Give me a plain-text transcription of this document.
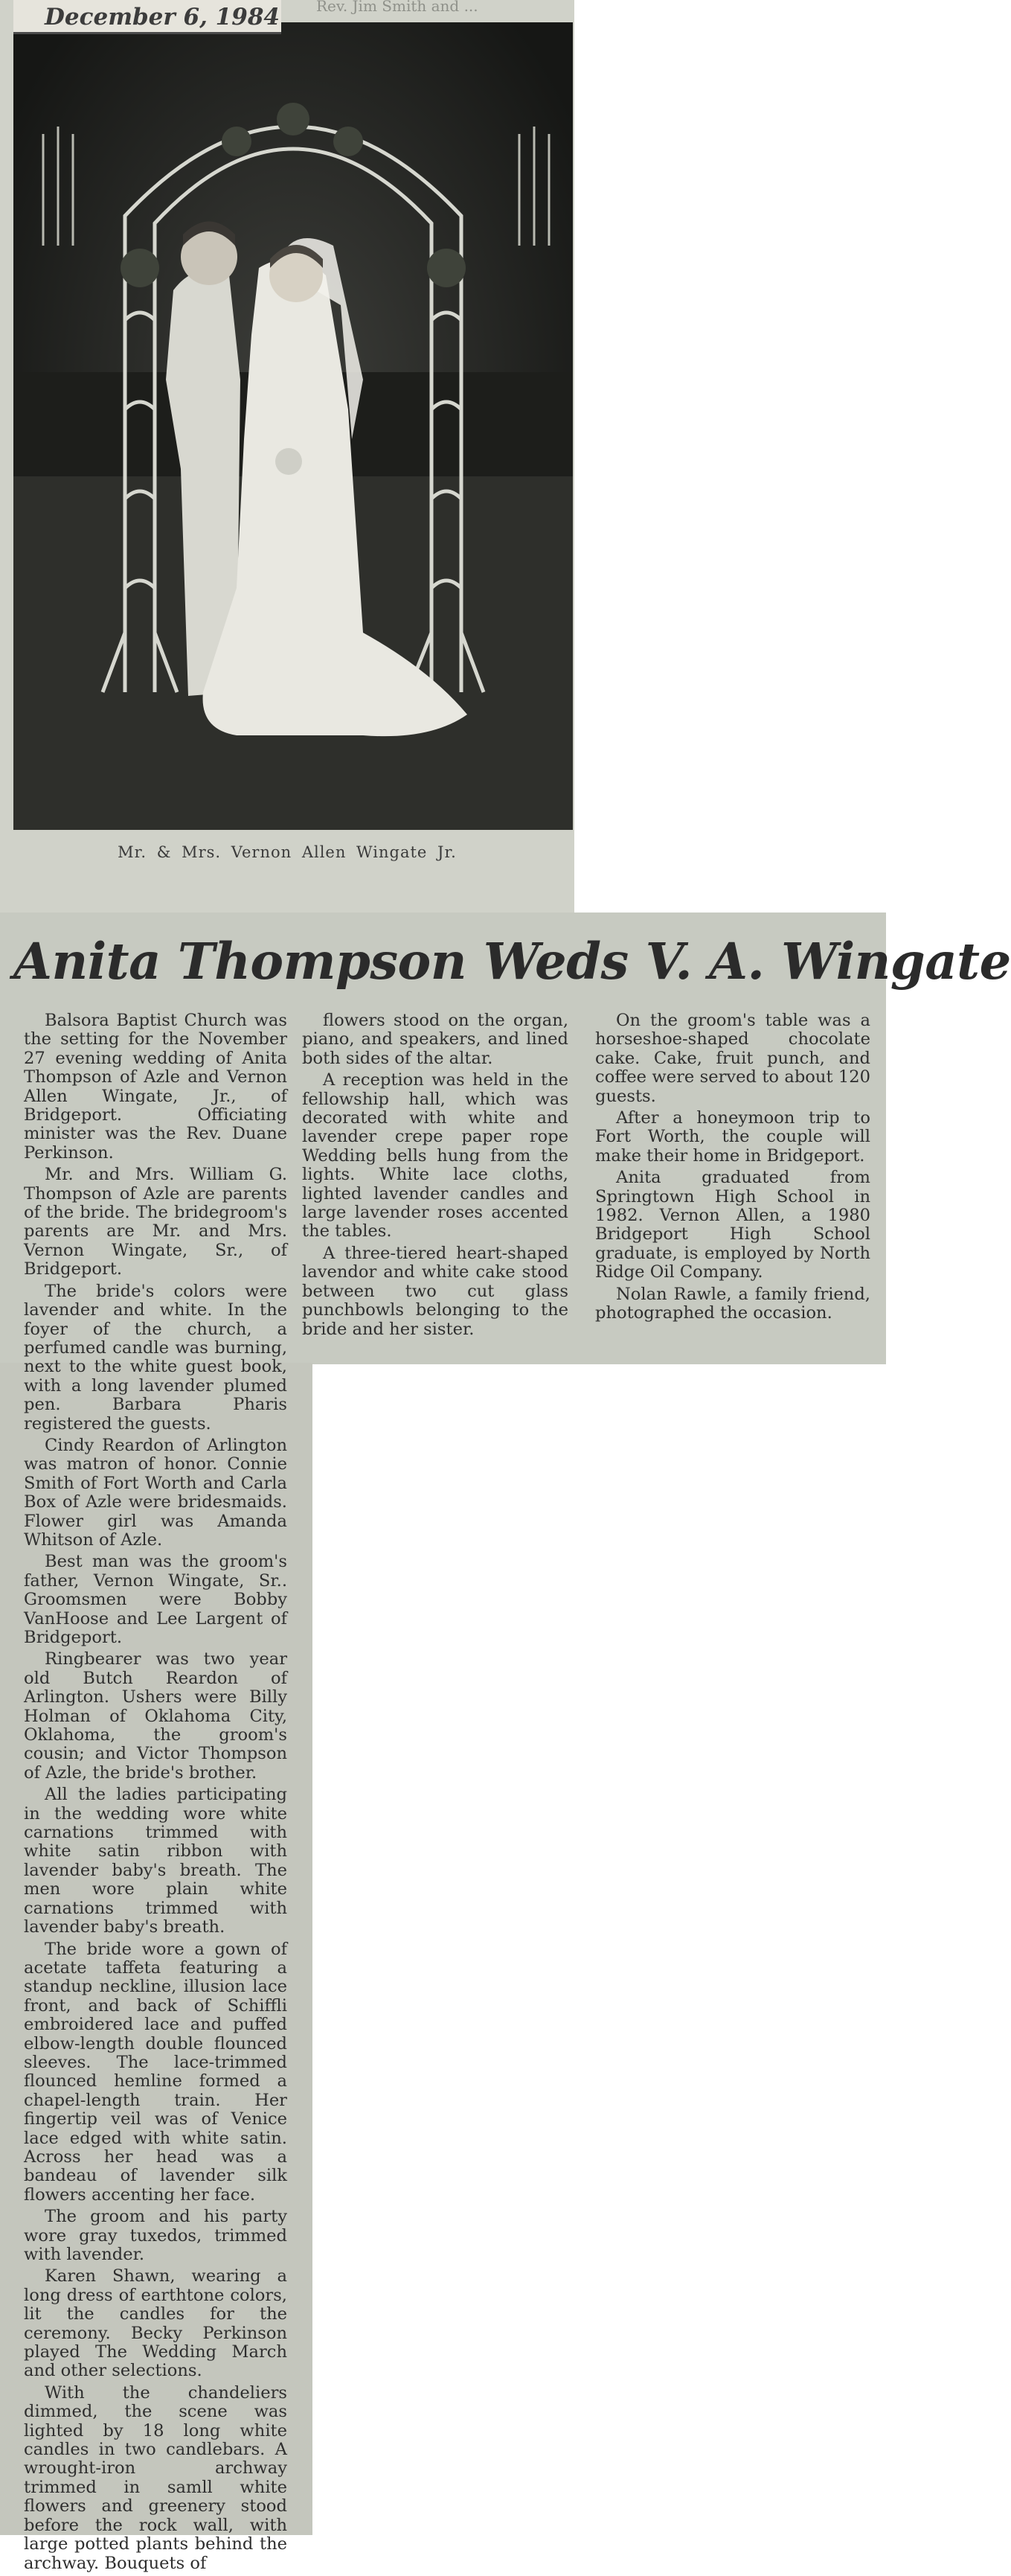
Rev. Jim Smith and ...
Mr. & Mrs. Vernon Allen Wingate Jr.
December 6, 1984
Anita Thompson Weds V. A. Wingate

Balsora Baptist Church was the setting for the November 27 evening wedding of Anita Thompson of Azle and Vernon Allen Wingate, Jr., of Bridgeport. Officiating minister was the Rev. Duane Perkinson.

Mr. and Mrs. William G. Thompson of Azle are parents of the bride. The bridegroom's parents are Mr. and Mrs. Vernon Wingate, Sr., of Bridgeport.

The bride's colors were lavender and white. In the foyer of the church, a perfumed candle was burning, next to the white guest book, with a long lavender plumed pen. Barbara Pharis registered the guests.

Cindy Reardon of Arlington was matron of honor. Connie Smith of Fort Worth and Carla Box of Azle were bridesmaids. Flower girl was Amanda Whitson of Azle.

Best man was the groom's father, Vernon Wingate, Sr.. Groomsmen were Bobby VanHoose and Lee Largent of Bridgeport.

Ringbearer was two year old Butch Reardon of Arlington. Ushers were Billy Holman of Oklahoma City, Oklahoma, the groom's cousin; and Victor Thompson of Azle, the bride's brother.

All the ladies participating in the wedding wore white carnations trimmed with white satin ribbon with lavender baby's breath. The men wore plain white carnations trimmed with lavender baby's breath.

The bride wore a gown of acetate taffeta featuring a standup neckline, illusion lace front, and back of Schiffli embroidered lace and puffed elbow-length double flounced sleeves. The lace-trimmed flounced hemline formed a chapel-length train. Her fingertip veil was of Venice lace edged with white satin. Across her head was a bandeau of lavender silk flowers accenting her face.

The groom and his party wore gray tuxedos, trimmed with lavender.

Karen Shawn, wearing a long dress of earthtone colors, lit the candles for the ceremony. Becky Perkinson played The Wedding March and other selections.

With the chandeliers dimmed, the scene was lighted by 18 long white candles in two candlebars. A wrought-iron archway trimmed in samll white flowers and greenery stood before the rock wall, with large potted plants behind the archway. Bouquets of

flowers stood on the organ, piano, and speakers, and lined both sides of the altar.

A reception was held in the fellowship hall, which was decorated with white and lavender crepe paper rope Wedding bells hung from the lights. White lace cloths, lighted lavender candles and large lavender roses accented the tables.

A three-tiered heart-shaped lavendor and white cake stood between two cut glass punchbowls belonging to the bride and her sister.

On the groom's table was a horseshoe-shaped chocolate cake. Cake, fruit punch, and coffee were served to about 120 guests.

After a honeymoon trip to Fort Worth, the couple will make their home in Bridgeport.

Anita graduated from Springtown High School in 1982. Vernon Allen, a 1980 Bridgeport High School graduate, is employed by North Ridge Oil Company.

Nolan Rawle, a family friend, photographed the occasion.
